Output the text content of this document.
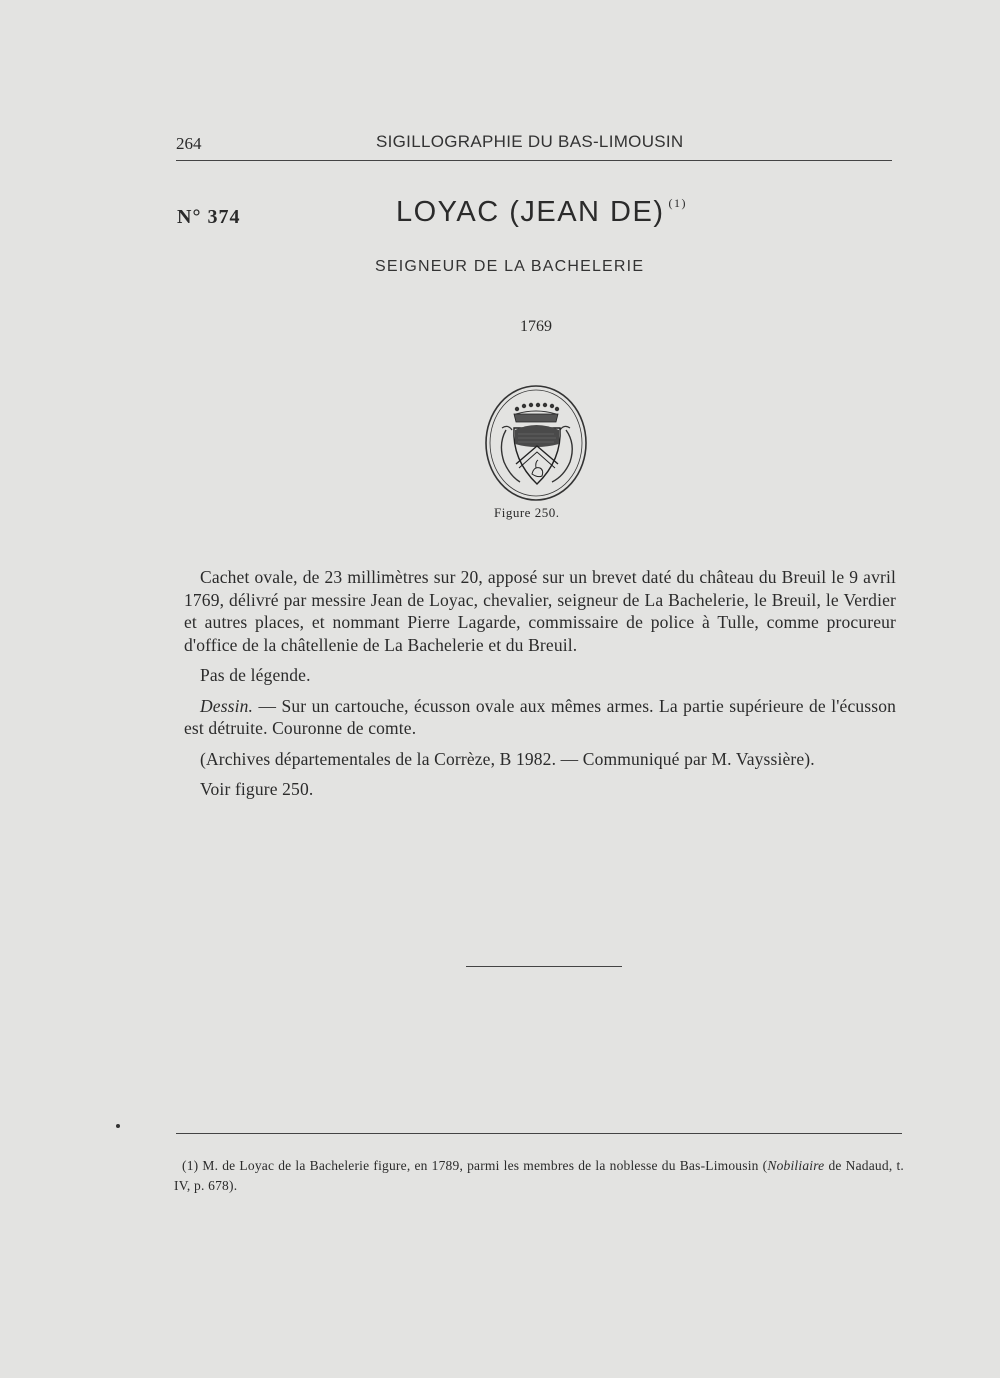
264	SIGILLOGRAPHIE DU BAS-LIMOUSIN
N° 374	LOYAC (JEAN DE) $^{(1)}$
SEIGNEUR DE LA BACHELERIE
1769
Figure 250.

Cachet ovale, de 23 millimètres sur 20, apposé sur un brevet daté du château du Breuil le 9 avril 1769, délivré par messire Jean de Loyac, chevalier, seigneur de La Bachelerie, le Breuil, le Verdier et autres places, et nommant Pierre Lagarde, commissaire de police à Tulle, comme procureur d'office de la châtellenie de La Bachelerie et du Breuil.

Pas de légende.

Dessin. — Sur un cartouche, écusson ovale aux mêmes armes. La partie supérieure de l'écusson est détruite. Couronne de comte.

(Archives départementales de la Corrèze, B 1982. — Communiqué par M. Vayssière).

Voir figure 250.

(1) M. de Loyac de la Bachelerie figure, en 1789, parmi les membres de la noblesse du Bas-Limousin (Nobiliaire de Nadaud, t. IV, p. 678).
